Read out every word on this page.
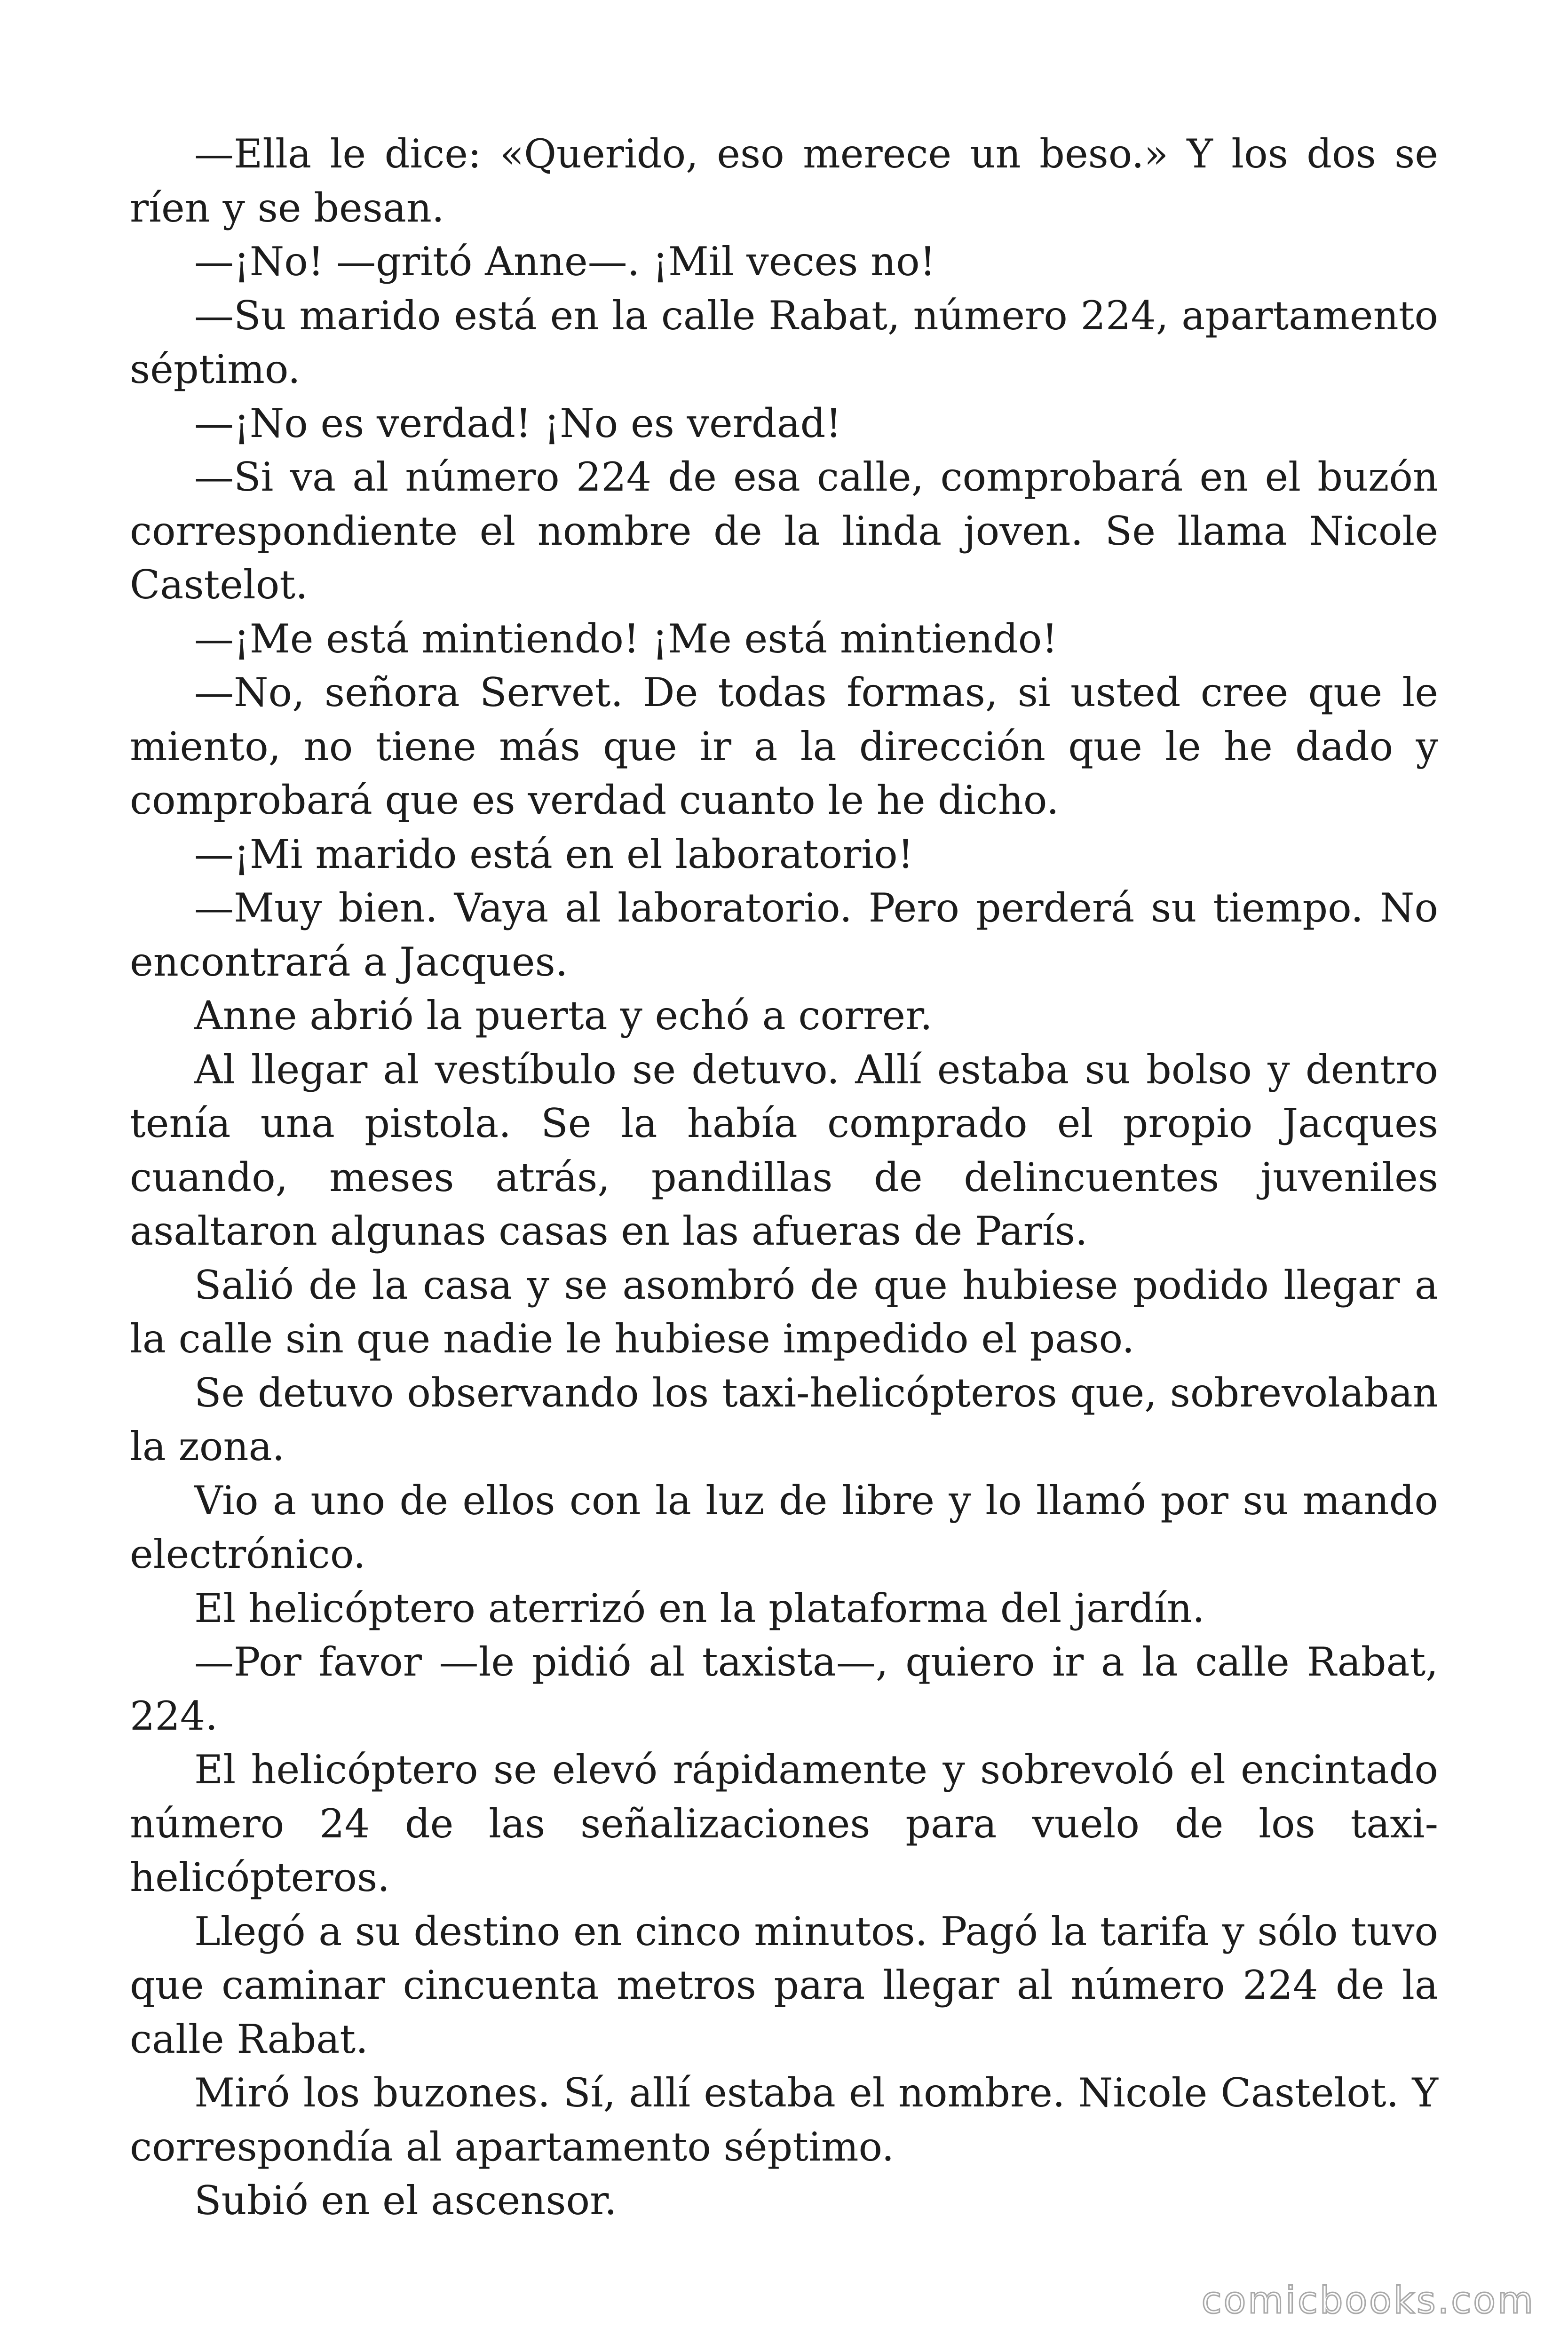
—Ella le dice: «Querido, eso merece un beso.» Y los dos se ríen y se besan.

—¡No! —gritó Anne—. ¡Mil veces no!

—Su marido está en la calle Rabat, número 224, apartamento séptimo.

—¡No es verdad! ¡No es verdad!

—Si va al número 224 de esa calle, comprobará en el buzón correspondiente el nombre de la linda joven. Se llama Nicole Castelot.

—¡Me está mintiendo! ¡Me está mintiendo!

—No, señora Servet. De todas formas, si usted cree que le miento, no tiene más que ir a la dirección que le he dado y comprobará que es verdad cuanto le he dicho.

—¡Mi marido está en el laboratorio!

—Muy bien. Vaya al laboratorio. Pero perderá su tiempo. No encontrará a Jacques.

Anne abrió la puerta y echó a correr.

Al llegar al vestíbulo se detuvo. Allí estaba su bolso y dentro tenía una pistola. Se la había comprado el propio Jacques cuando, meses atrás, pandillas de delincuentes juveniles asaltaron algunas casas en las afueras de París.

Salió de la casa y se asombró de que hubiese podido llegar a la calle sin que nadie le hubiese impedido el paso.

Se detuvo observando los taxi-helicópteros que, sobrevolaban la zona.

Vio a uno de ellos con la luz de libre y lo llamó por su mando electrónico.

El helicóptero aterrizó en la plataforma del jardín.

—Por favor —le pidió al taxista—, quiero ir a la calle Rabat, 224.

El helicóptero se elevó rápidamente y sobrevoló el encintado número 24 de las señalizaciones para vuelo de los taxi-helicópteros.

Llegó a su destino en cinco minutos. Pagó la tarifa y sólo tuvo que caminar cincuenta metros para llegar al número 224 de la calle Rabat.

Miró los buzones. Sí, allí estaba el nombre. Nicole Castelot. Y correspondía al apartamento séptimo.

Subió en el ascensor.

comicbooks.com
